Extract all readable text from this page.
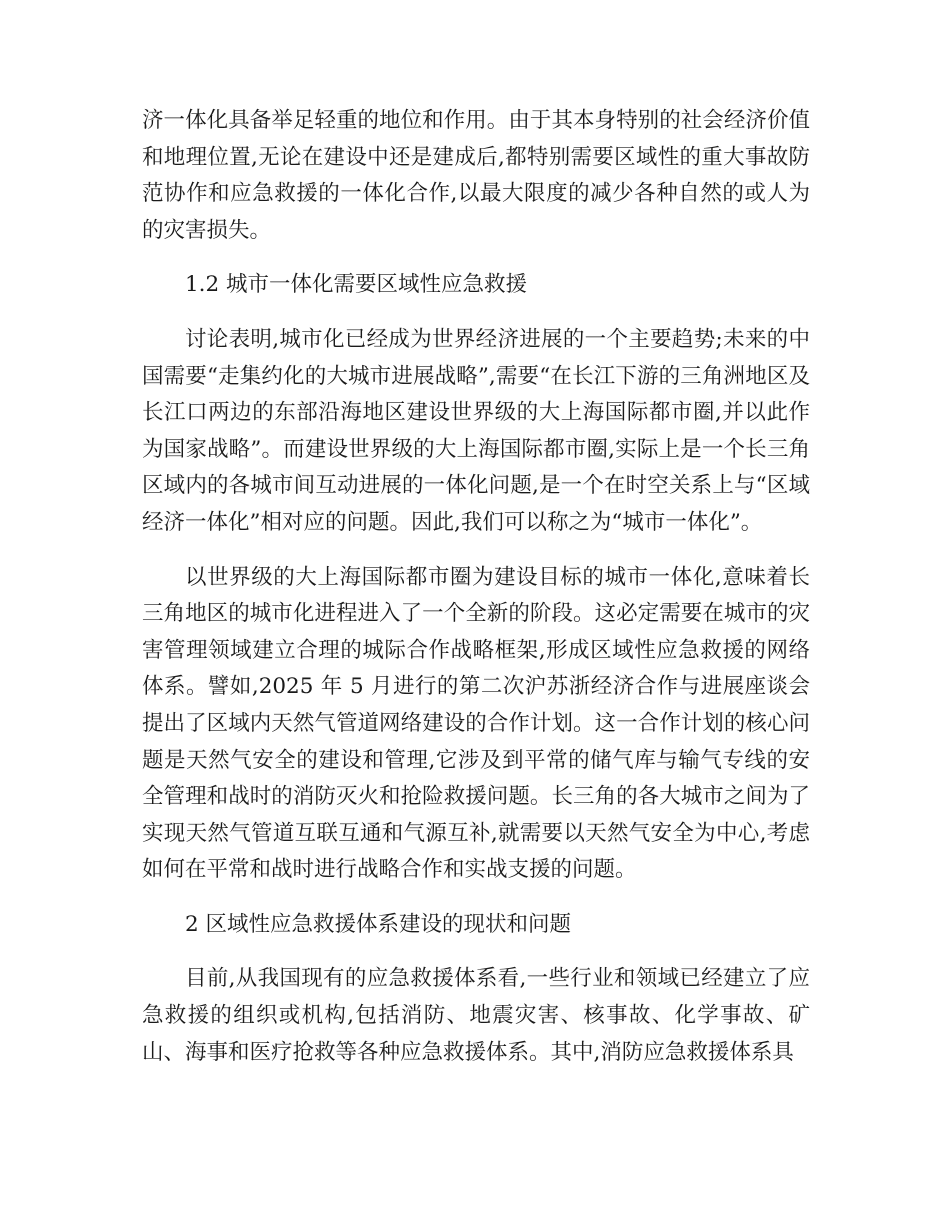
济一体化具备举足轻重的地位和作用。由于其本身特别的社会经济价值和地理位置,无论在建设中还是建成后,都特别需要区域性的重大事故防范协作和应急救援的一体化合作,以最大限度的减少各种自然的或人为的灾害损失。

1.2 城市一体化需要区域性应急救援

讨论表明,城市化已经成为世界经济进展的一个主要趋势;未来的中国需要“走集约化的大城市进展战略”,需要“在长江下游的三角洲地区及长江口两边的东部沿海地区建设世界级的大上海国际都市圈,并以此作为国家战略”。而建设世界级的大上海国际都市圈,实际上是一个长三角区域内的各城市间互动进展的一体化问题,是一个在时空关系上与“区域经济一体化”相对应的问题。因此,我们可以称之为“城市一体化”。

以世界级的大上海国际都市圈为建设目标的城市一体化,意味着长三角地区的城市化进程进入了一个全新的阶段。这必定需要在城市的灾害管理领域建立合理的城际合作战略框架,形成区域性应急救援的网络体系。譬如,2025 年 5 月进行的第二次沪苏浙经济合作与进展座谈会提出了区域内天然气管道网络建设的合作计划。这一合作计划的核心问题是天然气安全的建设和管理,它涉及到平常的储气库与输气专线的安全管理和战时的消防灭火和抢险救援问题。长三角的各大城市之间为了实现天然气管道互联互通和气源互补,就需要以天然气安全为中心,考虑如何在平常和战时进行战略合作和实战支援的问题。

2 区域性应急救援体系建设的现状和问题

目前,从我国现有的应急救援体系看,一些行业和领域已经建立了应急救援的组织或机构,包括消防、地震灾害、核事故、化学事故、矿山、海事和医疗抢救等各种应急救援体系。其中,消防应急救援体系具
